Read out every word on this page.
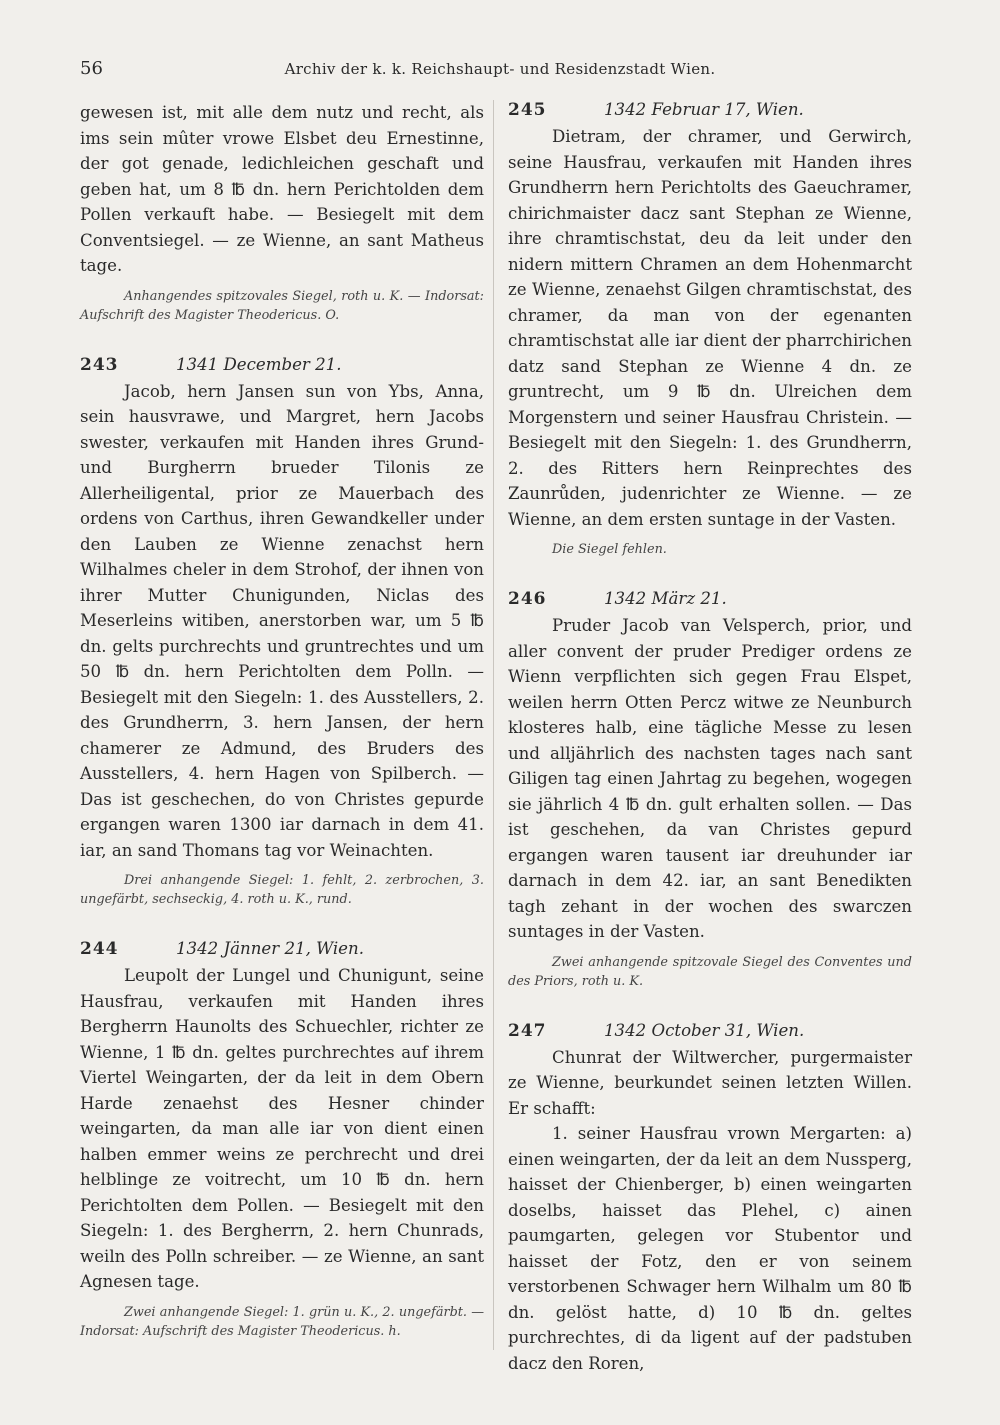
56	Archiv der k. k. Reichshaupt- und Residenzstadt Wien.

gewesen ist, mit alle dem nutz und recht, als ims sein mûter vrowe Elsbet deu Ernestinne, der got genade, ledichleichen geschaft und geben hat, um 8 ℔ dn. hern Perichtolden dem Pollen verkauft habe. — Besiegelt mit dem Conventsiegel. — ze Wienne, an sant Matheus tage.

Anhangendes spitzovales Siegel, roth u. K. — Indorsat: Aufschrift des Magister Theodericus. O.

243	1341 December 21.

Jacob, hern Jansen sun von Ybs, Anna, sein hausvrawe, und Margret, hern Jacobs swester, verkaufen mit Handen ihres Grund- und Burgherrn brueder Tilonis ze Allerheiligental, prior ze Mauerbach des ordens von Carthus, ihren Gewandkeller under den Lauben ze Wienne zenachst hern Wilhalmes cheler in dem Strohof, der ihnen von ihrer Mutter Chunigunden, Niclas des Meserleins witiben, anerstorben war, um 5 ℔ dn. gelts purchrechts und gruntrechtes und um 50 ℔ dn. hern Perichtolten dem Polln. — Besiegelt mit den Siegeln: 1. des Ausstellers, 2. des Grundherrn, 3. hern Jansen, der hern chamerer ze Admund, des Bruders des Ausstellers, 4. hern Hagen von Spilberch. — Das ist geschechen, do von Christes gepurde ergangen waren 1300 iar darnach in dem 41. iar, an sand Thomans tag vor Weinachten.

Drei anhangende Siegel: 1. fehlt, 2. zerbrochen, 3. ungefärbt, sechseckig, 4. roth u. K., rund.

244	1342 Jänner 21, Wien.

Leupolt der Lungel und Chunigunt, seine Hausfrau, verkaufen mit Handen ihres Bergherrn Haunolts des Schuechler, richter ze Wienne, 1 ℔ dn. geltes purchrechtes auf ihrem Viertel Weingarten, der da leit in dem Obern Harde zenaehst des Hesner chinder weingarten, da man alle iar von dient einen halben emmer weins ze perchrecht und drei helblinge ze voitrecht, um 10 ℔ dn. hern Perichtolten dem Pollen. — Besiegelt mit den Siegeln: 1. des Bergherrn, 2. hern Chunrads, weiln des Polln schreiber. — ze Wienne, an sant Agnesen tage.

Zwei anhangende Siegel: 1. grün u. K., 2. ungefärbt. — Indorsat: Aufschrift des Magister Theodericus. h.

245	1342 Februar 17, Wien.

Dietram, der chramer, und Gerwirch, seine Hausfrau, verkaufen mit Handen ihres Grundherrn hern Perichtolts des Gaeuchramer, chirichmaister dacz sant Stephan ze Wienne, ihre chramtischstat, deu da leit under den nidern mittern Chramen an dem Hohenmarcht ze Wienne, zenaehst Gilgen chramtischstat, des chramer, da man von der egenanten chramtischstat alle iar dient der pharrchirichen datz sand Stephan ze Wienne 4 dn. ze gruntrecht, um 9 ℔ dn. Ulreichen dem Morgenstern und seiner Hausfrau Christein. — Besiegelt mit den Siegeln: 1. des Grundherrn, 2. des Ritters hern Reinprechtes des Zaunrůden, judenrichter ze Wienne. — ze Wienne, an dem ersten suntage in der Vasten.

Die Siegel fehlen.

246	1342 März 21.

Pruder Jacob van Velsperch, prior, und aller convent der pruder Prediger ordens ze Wienn verpflichten sich gegen Frau Elspet, weilen herrn Otten Percz witwe ze Neunburch klosteres halb, eine tägliche Messe zu lesen und alljährlich des nachsten tages nach sant Giligen tag einen Jahrtag zu begehen, wogegen sie jährlich 4 ℔ dn. gult erhalten sollen. — Das ist geschehen, da van Christes gepurd ergangen waren tausent iar dreuhunder iar darnach in dem 42. iar, an sant Benedikten tagh zehant in der wochen des swarczen suntages in der Vasten.

Zwei anhangende spitzovale Siegel des Conventes und des Priors, roth u. K.

247	1342 October 31, Wien.

Chunrat der Wiltwercher, purgermaister ze Wienne, beurkundet seinen letzten Willen. Er schafft:

1. seiner Hausfrau vrown Mergarten: a) einen weingarten, der da leit an dem Nussperg, haisset der Chienberger, b) einen weingarten doselbs, haisset das Plehel, c) ainen paumgarten, gelegen vor Stubentor und haisset der Fotz, den er von seinem verstorbenen Schwager hern Wilhalm um 80 ℔ dn. gelöst hatte, d) 10 ℔ dn. geltes purchrechtes, di da ligent auf der padstuben dacz den Roren,
